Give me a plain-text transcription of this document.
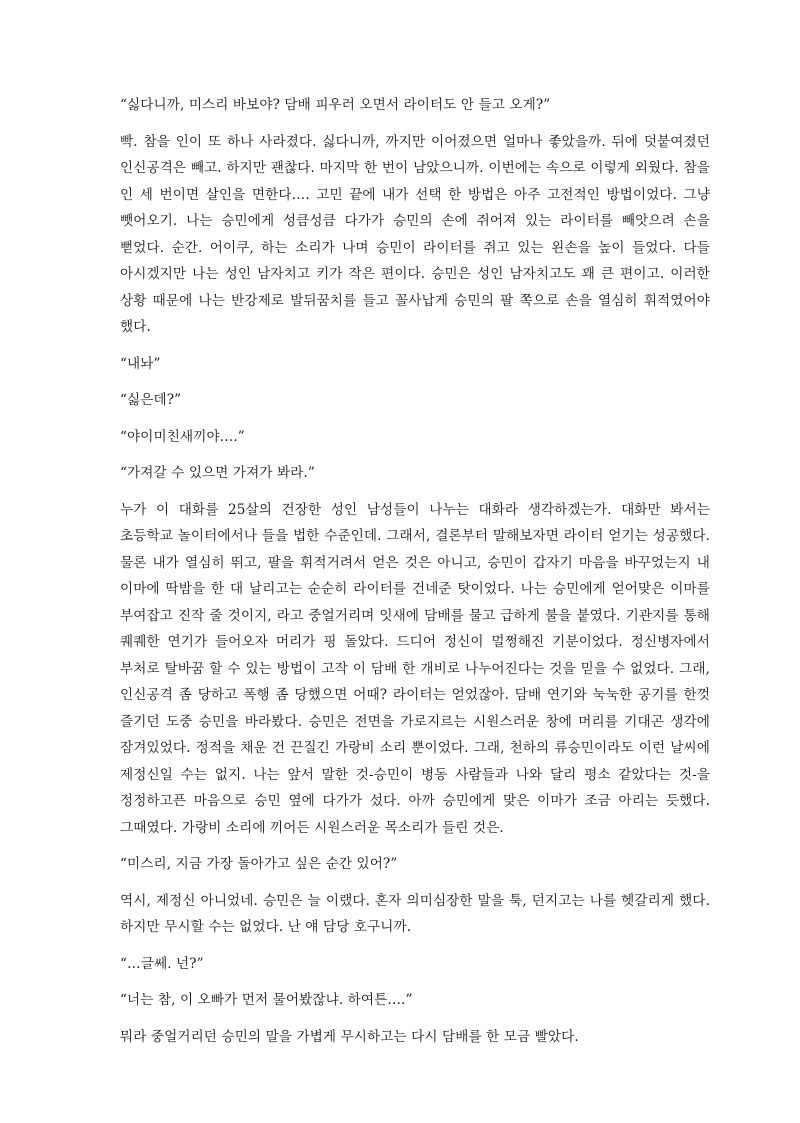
“싫다니까, 미스리 바보야? 담배 피우러 오면서 라이터도 안 들고 오게?”

빡. 참을 인이 또 하나 사라졌다. 싫다니까, 까지만 이어졌으면 얼마나 좋았을까. 뒤에 덧붙여졌던 인신공격은 빼고. 하지만 괜찮다. 마지막 한 번이 남았으니까. 이번에는 속으로 이렇게 외웠다. 참을 인 세 번이면 살인을 면한다…. 고민 끝에 내가 선택 한 방법은 아주 고전적인 방법이었다. 그냥 뺏어오기. 나는 승민에게 성큼성큼 다가가 승민의 손에 쥐어져 있는 라이터를 빼앗으려 손을 뻗었다. 순간. 어이쿠, 하는 소리가 나며 승민이 라이터를 쥐고 있는 왼손을 높이 들었다. 다들 아시겠지만 나는 성인 남자치고 키가 작은 편이다. 승민은 성인 남자치고도 꽤 큰 편이고. 이러한 상황 때문에 나는 반강제로 발뒤꿈치를 들고 꼴사납게 승민의 팔 쪽으로 손을 열심히 휘적였어야 했다.

“내놔”

“싫은데?”

“야이미친새끼야….”

“가져갈 수 있으면 가져가 봐라.”

누가 이 대화를 25살의 건장한 성인 남성들이 나누는 대화라 생각하겠는가. 대화만 봐서는 초등학교 놀이터에서나 들을 법한 수준인데. 그래서, 결론부터 말해보자면 라이터 얻기는 성공했다. 물론 내가 열심히 뛰고, 팔을 휘적거려서 얻은 것은 아니고, 승민이 갑자기 마음을 바꾸었는지 내 이마에 딱밤을 한 대 날리고는 순순히 라이터를 건네준 탓이었다. 나는 승민에게 얻어맞은 이마를 부여잡고 진작 줄 것이지, 라고 중얼거리며 잇새에 담배를 물고 급하게 불을 붙였다. 기관지를 통해 퀘퀘한 연기가 들어오자 머리가 핑 돌았다. 드디어 정신이 멀쩡해진 기분이었다. 정신병자에서 부처로 탈바꿈 할 수 있는 방법이 고작 이 담배 한 개비로 나누어진다는 것을 믿을 수 없었다. 그래, 인신공격 좀 당하고 폭행 좀 당했으면 어때? 라이터는 얻었잖아. 담배 연기와 눅눅한 공기를 한껏 즐기던 도중 승민을 바라봤다. 승민은 전면을 가로지르는 시원스러운 창에 머리를 기대곤 생각에 잠겨있었다. 정적을 채운 건 끈질긴 가랑비 소리 뿐이었다. 그래, 천하의 류승민이라도 이런 날씨에 제정신일 수는 없지. 나는 앞서 말한 것-승민이 병동 사람들과 나와 달리 평소 같았다는 것-을 정정하고픈 마음으로 승민 옆에 다가가 섰다. 아까 승민에게 맞은 이마가 조금 아리는 듯했다. 그때였다. 가랑비 소리에 끼어든 시원스러운 목소리가 들린 것은.

“미스리, 지금 가장 돌아가고 싶은 순간 있어?”

역시, 제정신 아니었네. 승민은 늘 이랬다. 혼자 의미심장한 말을 툭, 던지고는 나를 헷갈리게 했다. 하지만 무시할 수는 없었다. 난 얘 담당 호구니까.

“…글쎄. 넌?”

“너는 참, 이 오빠가 먼저 물어봤잖냐. 하여튼….”

뭐라 중얼거리던 승민의 말을 가볍게 무시하고는 다시 담배를 한 모금 빨았다.
